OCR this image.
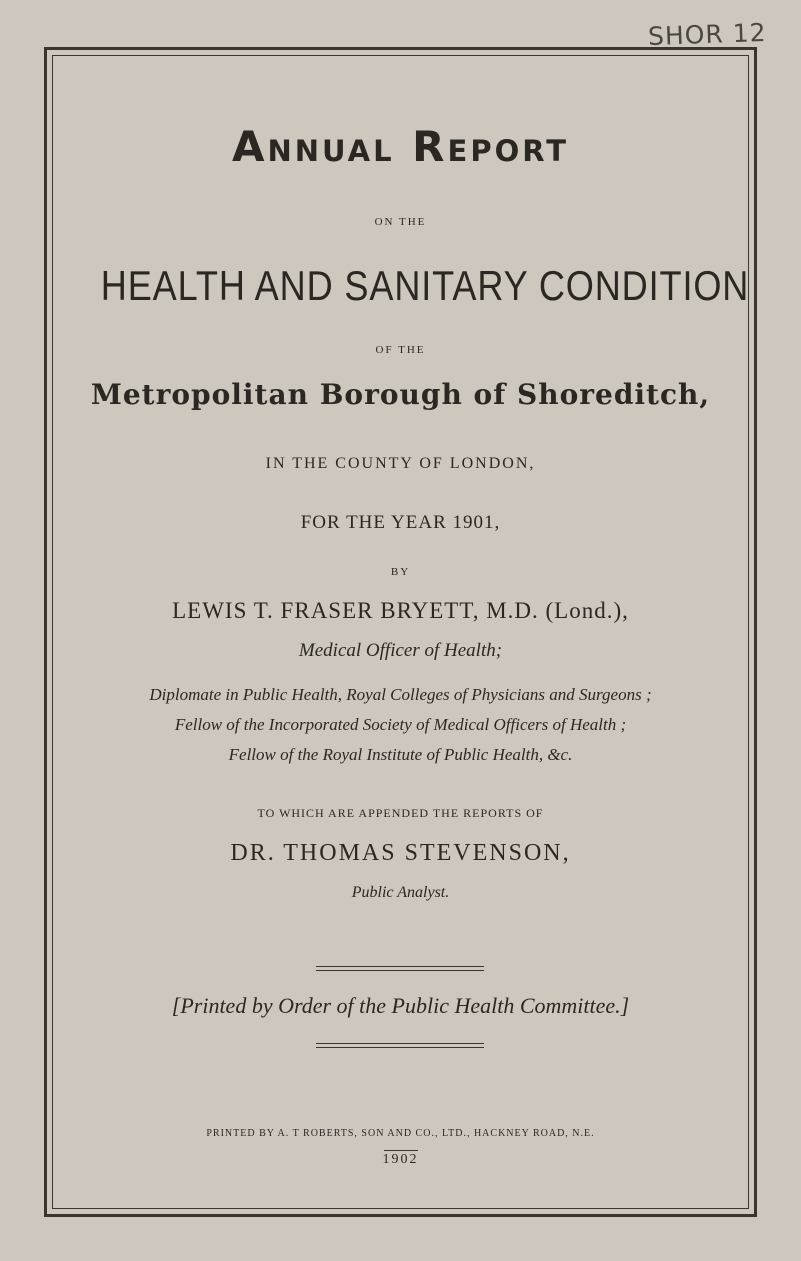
SHOR 12
Annual Report
ON THE
HEALTH AND SANITARY CONDITION
OF THE
Metropolitan Borough of Shoreditch,
IN THE COUNTY OF LONDON,
FOR THE YEAR 1901,
BY
LEWIS T. FRASER BRYETT, M.D. (Lond.),
Medical Officer of Health;
Diplomate in Public Health, Royal Colleges of Physicians and Surgeons ;
Fellow of the Incorporated Society of Medical Officers of Health ;
Fellow of the Royal Institute of Public Health, &c.
TO WHICH ARE APPENDED THE REPORTS OF
DR. THOMAS STEVENSON,
Public Analyst.
[Printed by Order of the Public Health Committee.]
PRINTED BY A. T ROBERTS, SON AND CO., LTD., HACKNEY ROAD, N.E.
1902
